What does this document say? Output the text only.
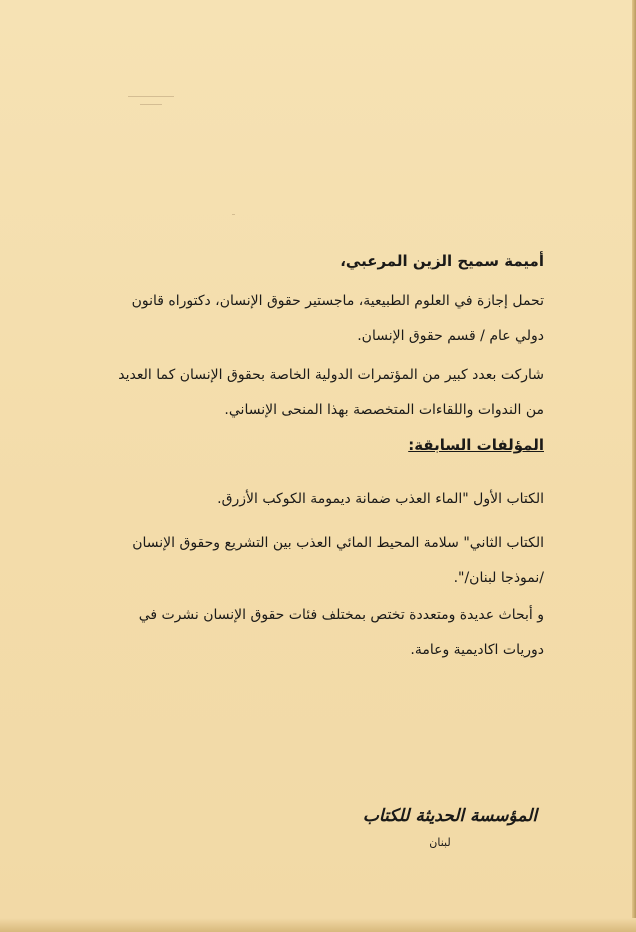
أميمة سميح الزين المرعبي،
تحمل إجازة في العلوم الطبيعية، ماجستير حقوق الإنسان، دكتوراه قانون
دولي عام / قسم حقوق الإنسان.
شاركت بعدد كبير من المؤتمرات الدولية الخاصة بحقوق الإنسان كما العديد
من الندوات واللقاءات المتخصصة بهذا المنحى الإنساني.
المؤلفات السابقة:
الكتاب الأول "الماء العذب ضمانة ديمومة الكوكب الأزرق.
الكتاب الثاني" سلامة المحيط المائي العذب بين التشريع وحقوق الإنسان
/نموذجا لبنان/".
و أبحاث عديدة ومتعددة تختص بمختلف فئات حقوق الإنسان نشرت في
دوريات اكاديمية وعامة.
المؤسسة الحديثة للكتاب
لبنان
